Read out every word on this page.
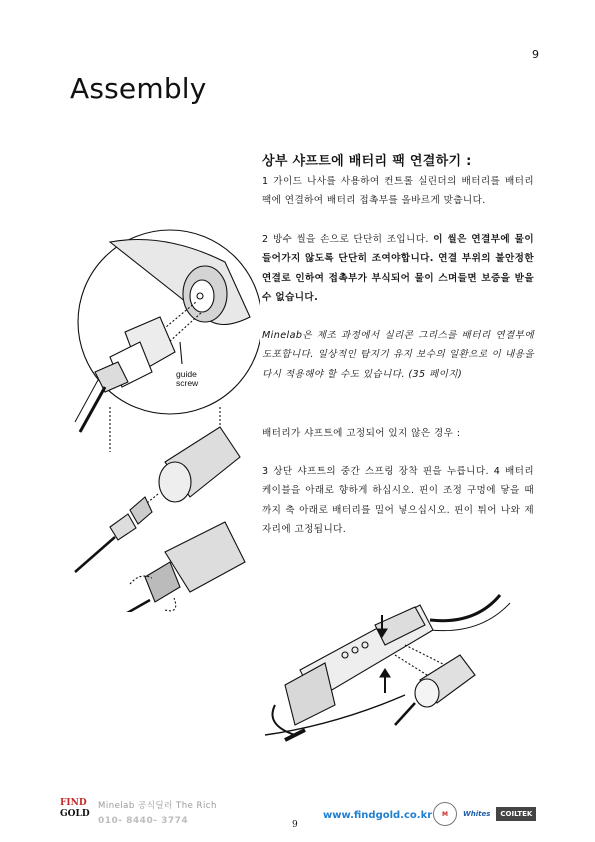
9
Assembly
guide
screw
상부 샤프트에 배터리 팩 연결하기 :

1 가이드 나사를 사용하여 컨트롤 실린더의 배터리를 배터리 팩에 연결하여 배터리 접촉부를 올바르게 맞춥니다.

2 방수 씰을 손으로 단단히 조입니다. 이 씰은 연결부에 물이 들어가지 않도록 단단히 조여야합니다. 연결 부위의 불안정한 연결로 인하여 접촉부가 부식되어 물이 스며들면 보증을 받을 수 없습니다.

Minelab은 제조 과정에서 실리콘 그리스를 배터리 연결부에 도포합니다. 일상적인 탐지기 유지 보수의 일환으로 이 내용을 다시 적용해야 할 수도 있습니다. (35 페이지)

배터리가 샤프트에 고정되어 있지 않은 경우 :

3 상단 샤프트의 중간 스프링 장착 핀을 누릅니다. 4 배터리 케이블을 아래로 향하게 하십시오. 핀이 조정 구멍에 닿을 때 까지 축 아래로 배터리를 밀어 넣으십시오. 핀이 튀어 나와 제자리에 고정됩니다.

FIND
GOLD
Minelab 공식딜러 The Rich
010- 8440- 3774	9
www.findgold.co.kr	M	Whites	COILTEK
